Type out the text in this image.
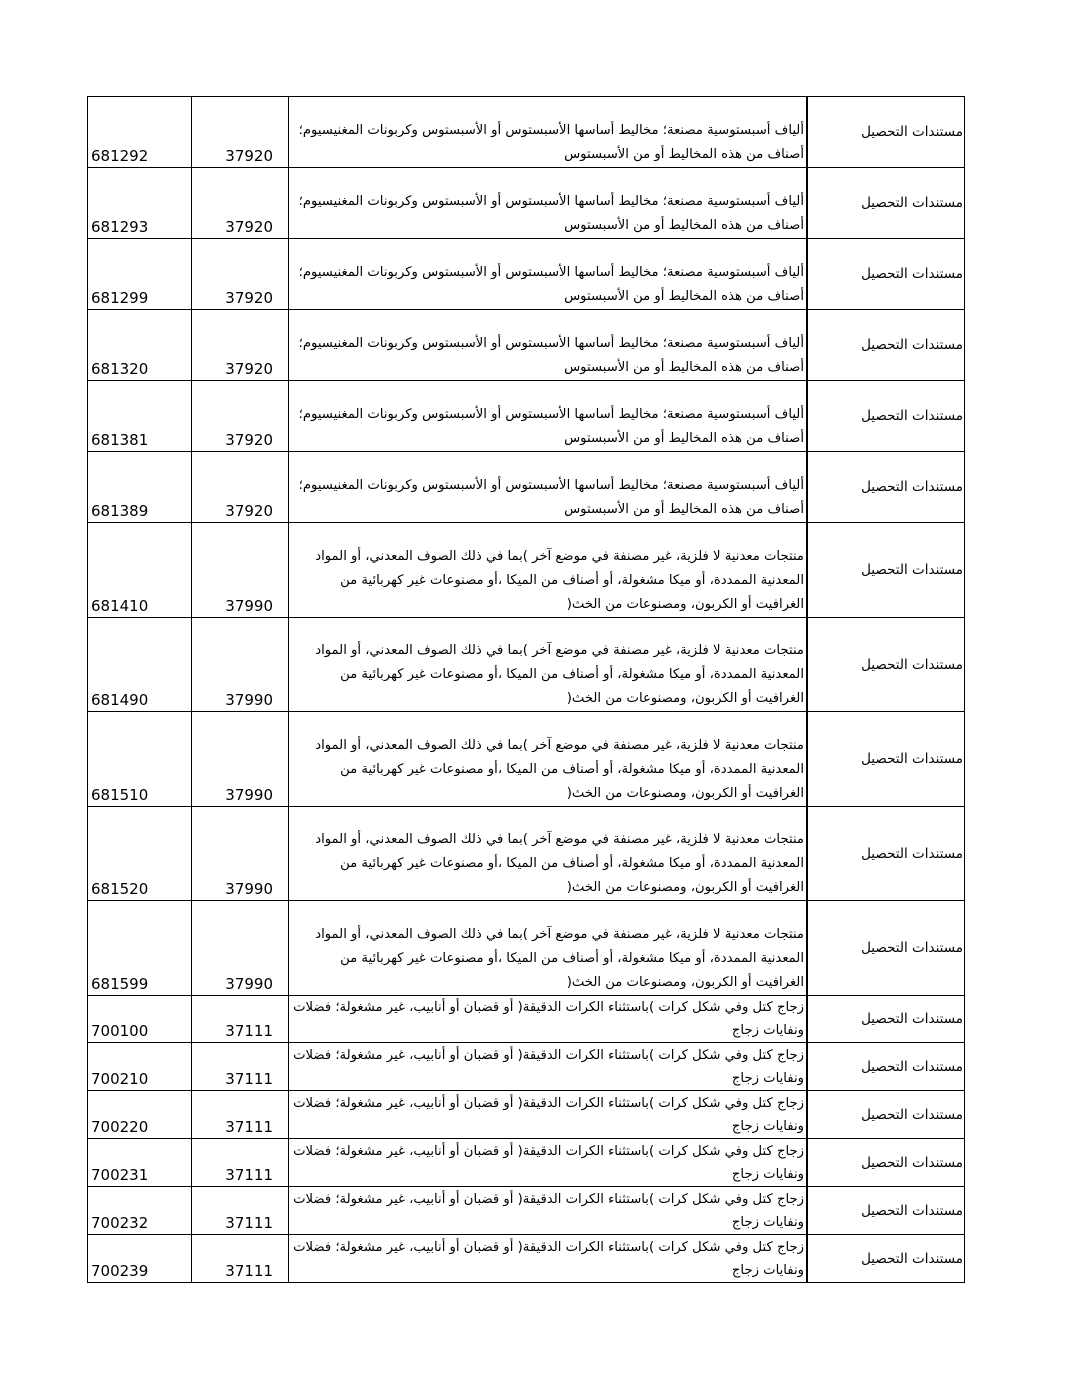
681292	37920	ألياف أسبستوسية مصنعة؛ مخاليط أساسها الأسبستوس أو الأسبستوس وكربونات المغنيسيوم؛ أصناف من هذه المخاليط أو من الأسبستوس	مستندات التحصيل
681293	37920	ألياف أسبستوسية مصنعة؛ مخاليط أساسها الأسبستوس أو الأسبستوس وكربونات المغنيسيوم؛ أصناف من هذه المخاليط أو من الأسبستوس	مستندات التحصيل
681299	37920	ألياف أسبستوسية مصنعة؛ مخاليط أساسها الأسبستوس أو الأسبستوس وكربونات المغنيسيوم؛ أصناف من هذه المخاليط أو من الأسبستوس	مستندات التحصيل
681320	37920	ألياف أسبستوسية مصنعة؛ مخاليط أساسها الأسبستوس أو الأسبستوس وكربونات المغنيسيوم؛ أصناف من هذه المخاليط أو من الأسبستوس	مستندات التحصيل
681381	37920	ألياف أسبستوسية مصنعة؛ مخاليط أساسها الأسبستوس أو الأسبستوس وكربونات المغنيسيوم؛ أصناف من هذه المخاليط أو من الأسبستوس	مستندات التحصيل
681389	37920	ألياف أسبستوسية مصنعة؛ مخاليط أساسها الأسبستوس أو الأسبستوس وكربونات المغنيسيوم؛ أصناف من هذه المخاليط أو من الأسبستوس	مستندات التحصيل
681410	37990	منتجات معدنية لا فلزية، غير مصنفة في موضع آخر )بما في ذلك الصوف المعدني، أو المواد المعدنية الممددة، أو ميكا مشغولة، أو أصناف من الميكا ،أو مصنوعات غير كهربائية من الغرافيت أو الكربون، ومصنوعات من الخث(	مستندات التحصيل
681490	37990	منتجات معدنية لا فلزية، غير مصنفة في موضع آخر )بما في ذلك الصوف المعدني، أو المواد المعدنية الممددة، أو ميكا مشغولة، أو أصناف من الميكا ،أو مصنوعات غير كهربائية من الغرافيت أو الكربون، ومصنوعات من الخث(	مستندات التحصيل
681510	37990	منتجات معدنية لا فلزية، غير مصنفة في موضع آخر )بما في ذلك الصوف المعدني، أو المواد المعدنية الممددة، أو ميكا مشغولة، أو أصناف من الميكا ،أو مصنوعات غير كهربائية من الغرافيت أو الكربون، ومصنوعات من الخث(	مستندات التحصيل
681520	37990	منتجات معدنية لا فلزية، غير مصنفة في موضع آخر )بما في ذلك الصوف المعدني، أو المواد المعدنية الممددة، أو ميكا مشغولة، أو أصناف من الميكا ،أو مصنوعات غير كهربائية من الغرافيت أو الكربون، ومصنوعات من الخث(	مستندات التحصيل
681599	37990	منتجات معدنية لا فلزية، غير مصنفة في موضع آخر )بما في ذلك الصوف المعدني، أو المواد المعدنية الممددة، أو ميكا مشغولة، أو أصناف من الميكا ،أو مصنوعات غير كهربائية من الغرافيت أو الكربون، ومصنوعات من الخث(	مستندات التحصيل
700100	37111	زجاج كتل وفي شكل كرات )باستثناء الكرات الدقيقة( أو قضبان أو أنابيب، غير مشغولة؛ فضلات ونفايات زجاج	مستندات التحصيل
700210	37111	زجاج كتل وفي شكل كرات )باستثناء الكرات الدقيقة( أو قضبان أو أنابيب، غير مشغولة؛ فضلات ونفايات زجاج	مستندات التحصيل
700220	37111	زجاج كتل وفي شكل كرات )باستثناء الكرات الدقيقة( أو قضبان أو أنابيب، غير مشغولة؛ فضلات ونفايات زجاج	مستندات التحصيل
700231	37111	زجاج كتل وفي شكل كرات )باستثناء الكرات الدقيقة( أو قضبان أو أنابيب، غير مشغولة؛ فضلات ونفايات زجاج	مستندات التحصيل
700232	37111	زجاج كتل وفي شكل كرات )باستثناء الكرات الدقيقة( أو قضبان أو أنابيب، غير مشغولة؛ فضلات ونفايات زجاج	مستندات التحصيل
700239	37111	زجاج كتل وفي شكل كرات )باستثناء الكرات الدقيقة( أو قضبان أو أنابيب، غير مشغولة؛ فضلات ونفايات زجاج	مستندات التحصيل
